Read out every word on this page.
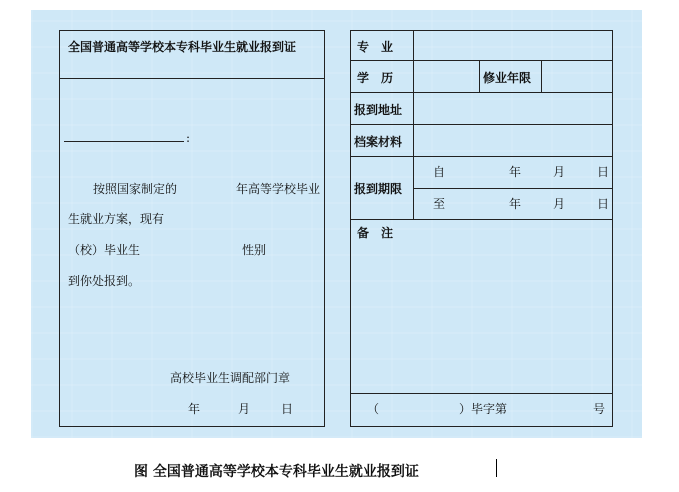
全国普通高等学校本专科毕业生就业报到证
:
按照国家制定的	年高等学校毕业
生就业方案，现有
（校）毕业生	性别
到你处报到。
高校毕业生调配部门章
年	月	日
专　业
学　历	修业年限
报到地址
档案材料
报到期限
自	年	月	日
至	年	月	日
备　注
（	）毕字第	号
图 全国普通高等学校本专科毕业生就业报到证
